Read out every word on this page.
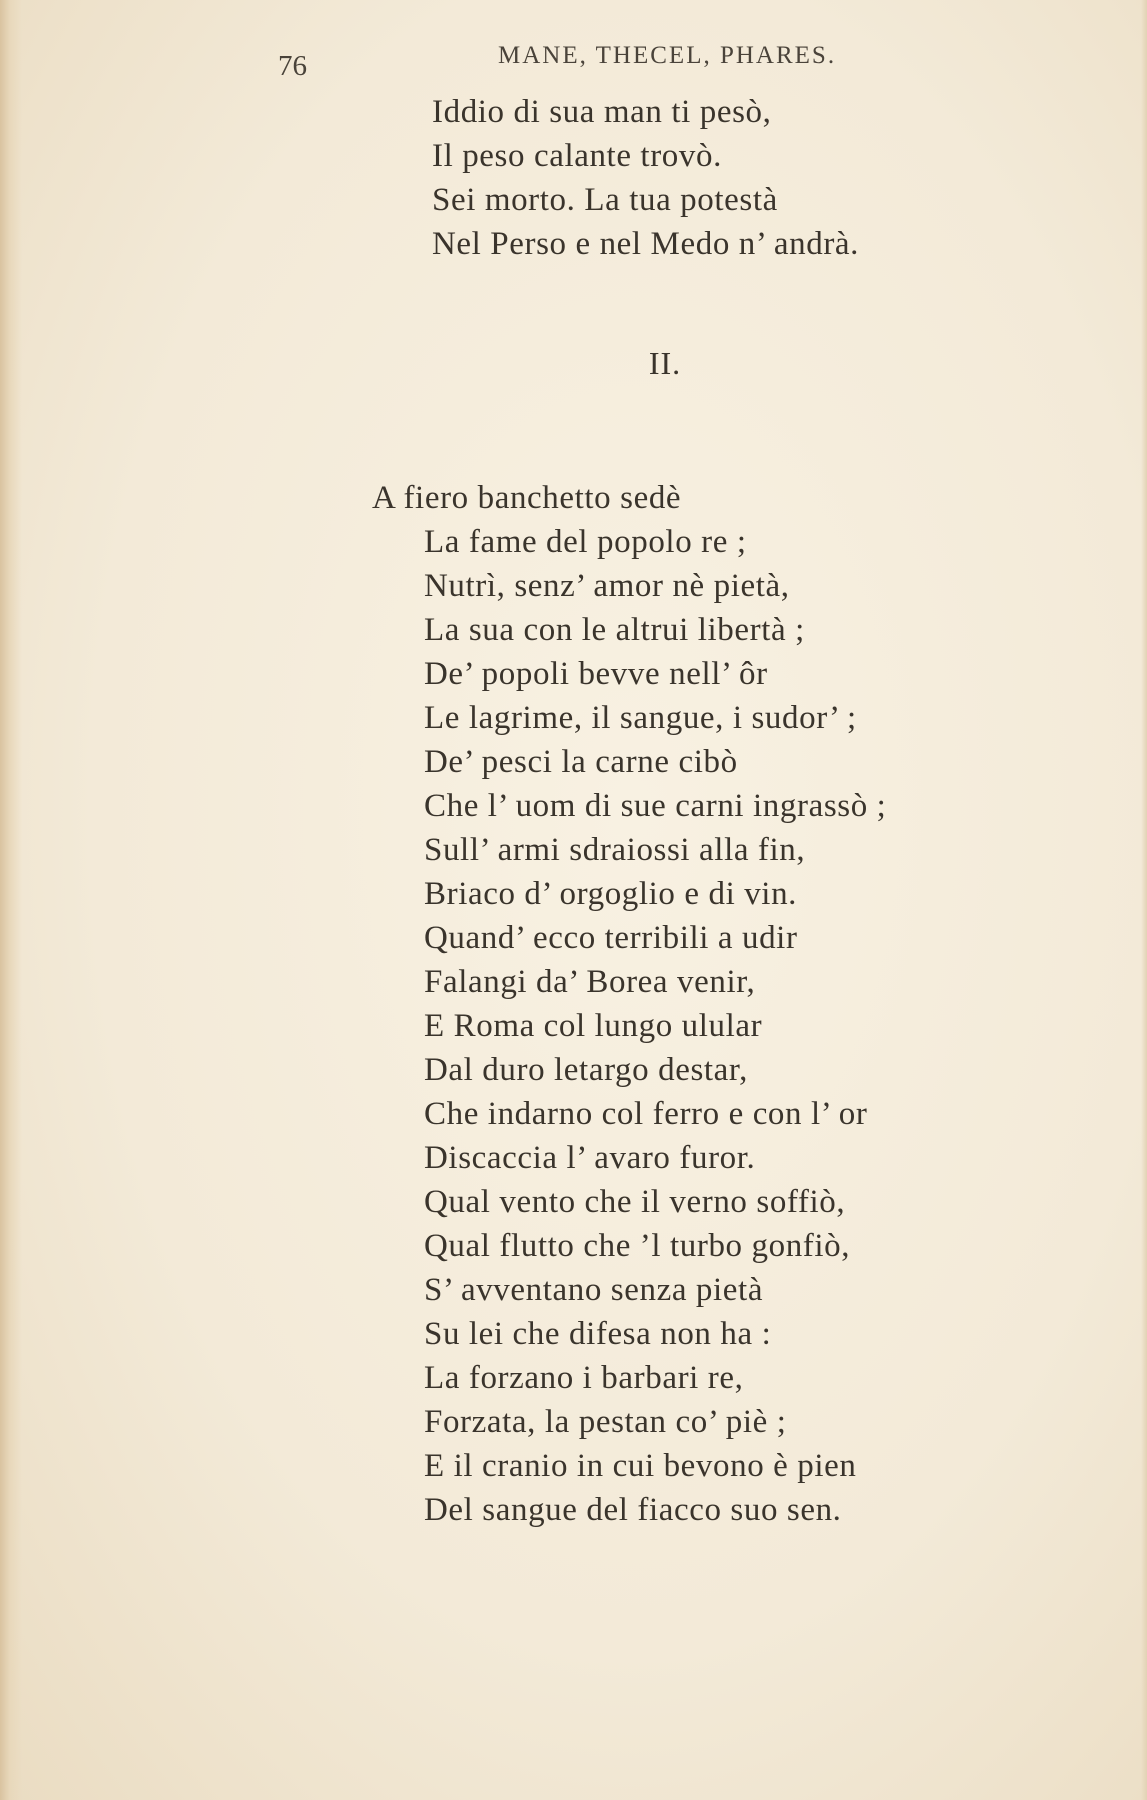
76	MANE, THECEL, PHARES.
Iddio di sua man ti pesò,
Il peso calante trovò.
Sei morto. La tua potestà
Nel Perso e nel Medo n’ andrà.
II.
A fiero banchetto sedè
La fame del popolo re ;
Nutrì, senz’ amor nè pietà,
La sua con le altrui libertà ;
De’ popoli bevve nell’ ôr
Le lagrime, il sangue, i sudor’ ;
De’ pesci la carne cibò
Che l’ uom di sue carni ingrassò ;
Sull’ armi sdraiossi alla fin,
Briaco d’ orgoglio e di vin.
Quand’ ecco terribili a udir
Falangi da’ Borea venir,
E Roma col lungo ulular
Dal duro letargo destar,
Che indarno col ferro e con l’ or
Discaccia l’ avaro furor.
Qual vento che il verno soffiò,
Qual flutto che ’l turbo gonfiò,
S’ avventano senza pietà
Su lei che difesa non ha :
La forzano i barbari re,
Forzata, la pestan co’ piè ;
E il cranio in cui bevono è pien
Del sangue del fiacco suo sen.
